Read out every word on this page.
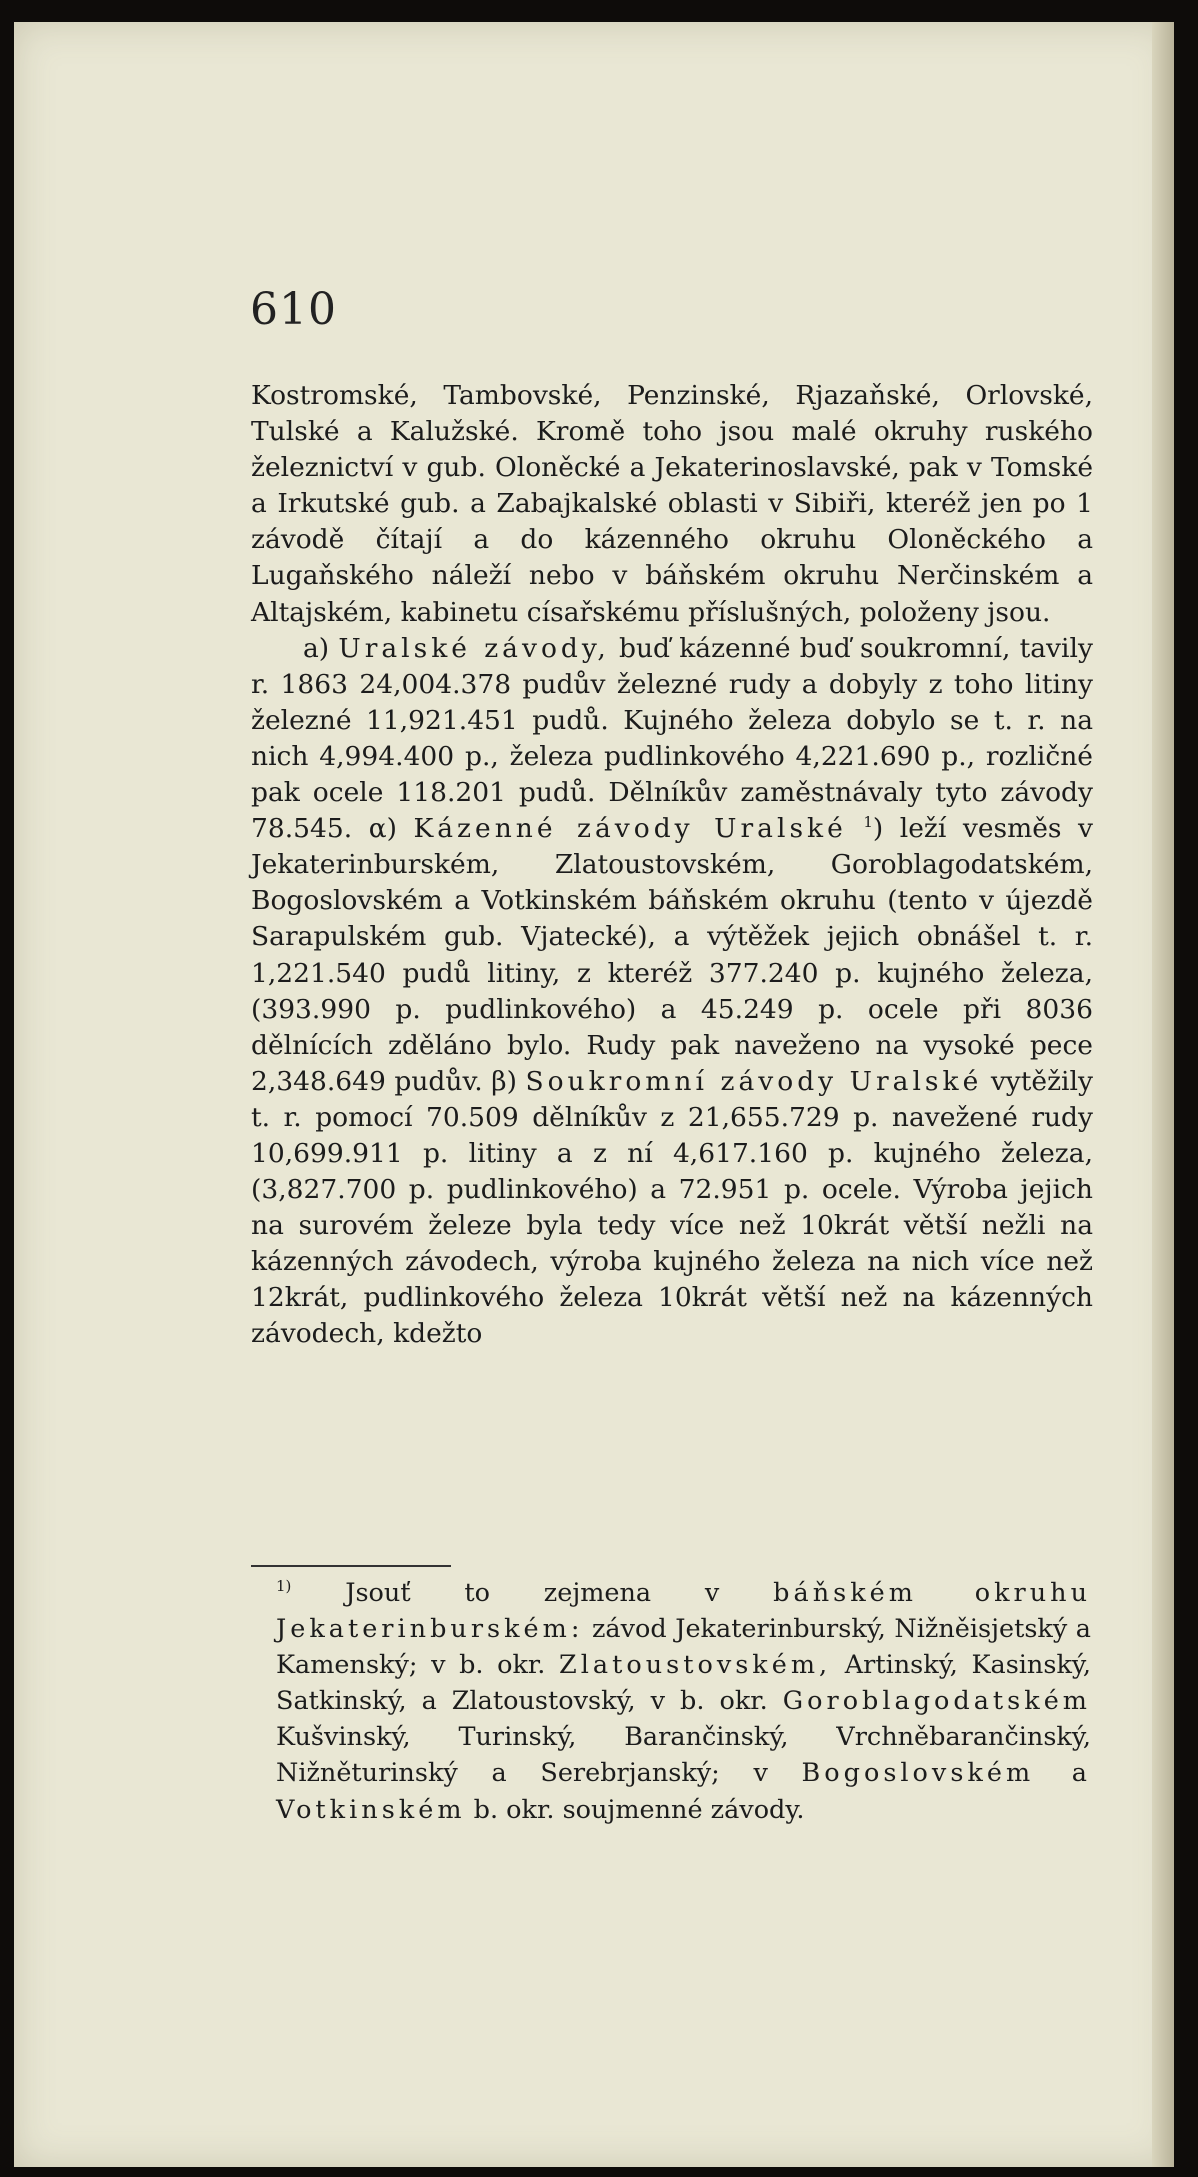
610

Kostromské, Tambovské, Penzinské, Rjazaňské, Orlovské, Tulské a Kalužské. Kromě toho jsou malé okruhy ruského železnictví v gub. Oloněcké a Jekaterinoslavské, pak v Tomské a Irkutské gub. a Zabajkalské oblasti v Sibiři, kteréž jen po 1 závodě čítají a do kázenného okruhu Oloněckého a Lugaňského náleží nebo v báňském okruhu Nerčinském a Altajském, kabinetu císařskému příslušných, položeny jsou.

a) Uralské závody, buď kázenné buď soukromní, tavily r. 1863 24,004.378 pudův železné rudy a dobyly z toho litiny železné 11,921.451 pudů. Kujného železa dobylo se t. r. na nich 4,994.400 p., železa pudlinkového 4,221.690 p., rozličné pak ocele 118.201 pudů. Dělníkův zaměstnávaly tyto závody 78.545. α) Kázenné závody Uralské $^1$) leží vesměs v Jekaterinburském, Zlatoustovském, Goroblagodatském, Bogoslovském a Votkinském báňském okruhu (tento v újezdě Sarapulském gub. Vjatecké), a výtěžek jejich obnášel t. r. 1,221.540 pudů litiny, z kteréž 377.240 p. kujného železa, (393.990 p. pudlinkového) a 45.249 p. ocele při 8036 dělnících zděláno bylo. Rudy pak naveženo na vysoké pece 2,348.649 pudův. β) Soukromní závody Uralské vytěžily t. r. pomocí 70.509 dělníkův z 21,655.729 p. navežené rudy 10,699.911 p. litiny a z ní 4,617.160 p. kujného železa, (3,827.700 p. pudlinkového) a 72.951 p. ocele. Výroba jejich na surovém železe byla tedy více než 10krát větší nežli na kázenných závodech, výroba kujného železa na nich více než 12krát, pudlinkového železa 10krát větší než na kázenných závodech, kdežto

$^{1)}$ Jsouť to zejmena v báňském okruhu Jekaterinburském: závod Jekaterinburský, Nižněisjetský a Kamenský; v b. okr. Zlatoustovském, Artinský, Kasinský, Satkinský, a Zlatoustovský, v b. okr. Goroblagodatském Kušvinský, Turinský, Barančinský, Vrchněbarančinský, Nižněturinský a Serebrjanský; v Bogoslovském a Votkinském b. okr. soujmenné závody.
